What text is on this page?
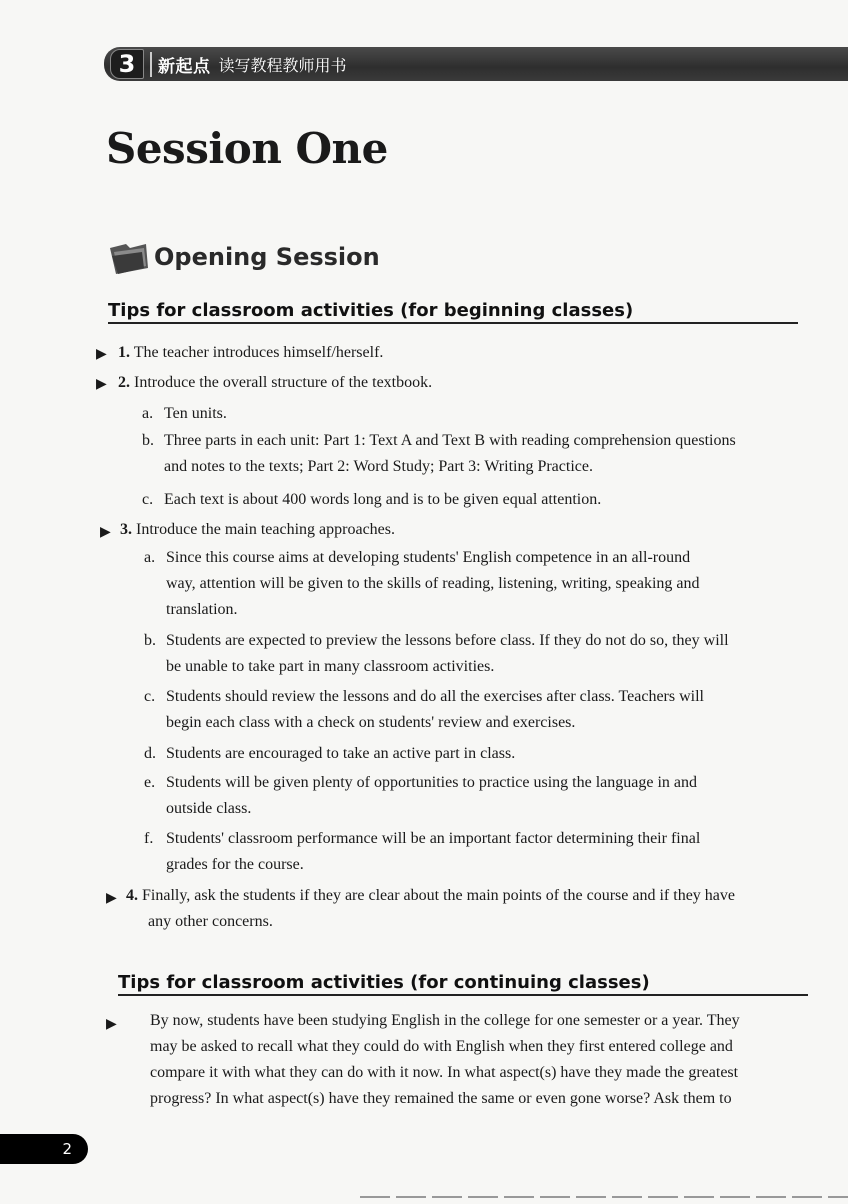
3	新起点 读写教程教师用书
Session One
Opening Session
Tips for classroom activities (for beginning classes)
▶ 1. The teacher introduces himself/herself.
▶ 2. Introduce the overall structure of the textbook.
a. Ten units.
b. Three parts in each unit: Part 1: Text A and Text B with reading comprehension questions
and notes to the texts; Part 2: Word Study; Part 3: Writing Practice.
c. Each text is about 400 words long and is to be given equal attention.
▶ 3. Introduce the main teaching approaches.
a. Since this course aims at developing students' English competence in an all-round
way, attention will be given to the skills of reading, listening, writing, speaking and
translation.
b. Students are expected to preview the lessons before class. If they do not do so, they will
be unable to take part in many classroom activities.
c. Students should review the lessons and do all the exercises after class. Teachers will
begin each class with a check on students' review and exercises.
d. Students are encouraged to take an active part in class.
e. Students will be given plenty of opportunities to practice using the language in and
outside class.
f. Students' classroom performance will be an important factor determining their final
grades for the course.
▶ 4. Finally, ask the students if they are clear about the main points of the course and if they have
any other concerns.
Tips for classroom activities (for continuing classes)
▶ By now, students have been studying English in the college for one semester or a year. They
may be asked to recall what they could do with English when they first entered college and
compare it with what they can do with it now. In what aspect(s) have they made the greatest
progress? In what aspect(s) have they remained the same or even gone worse? Ask them to
2
